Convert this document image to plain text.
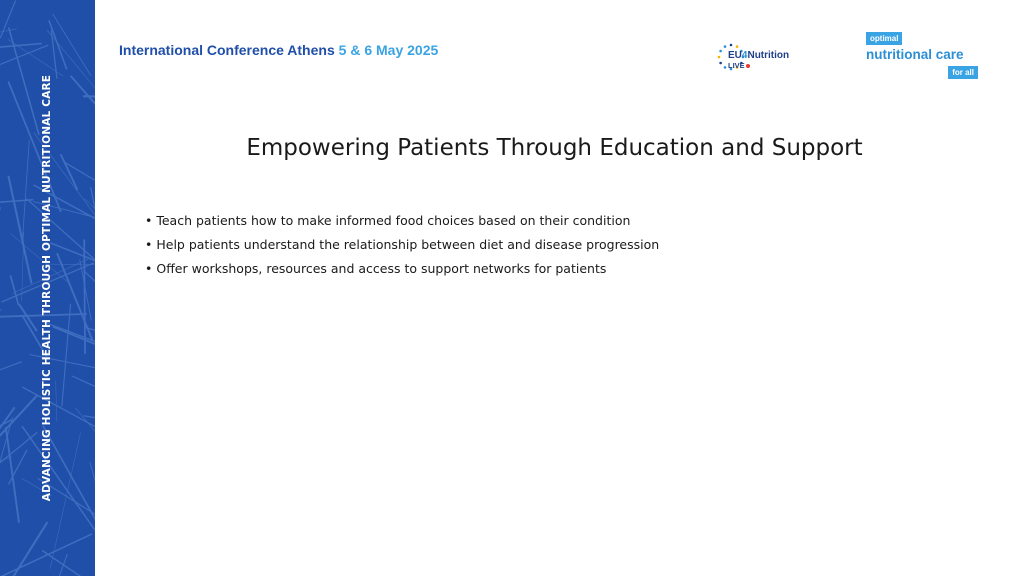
ADVANCING HOLISTIC HEALTH THROUGH OPTIMAL NUTRITIONAL CARE
International Conference Athens 5 & 6 May 2025	EU4Nutrition
LIVE
optimal
nutritional care
for all
Empowering Patients Through Education and Support
• Teach patients how to make informed food choices based on their condition
• Help patients understand the relationship between diet and disease progression
• Offer workshops, resources and access to support networks for patients
